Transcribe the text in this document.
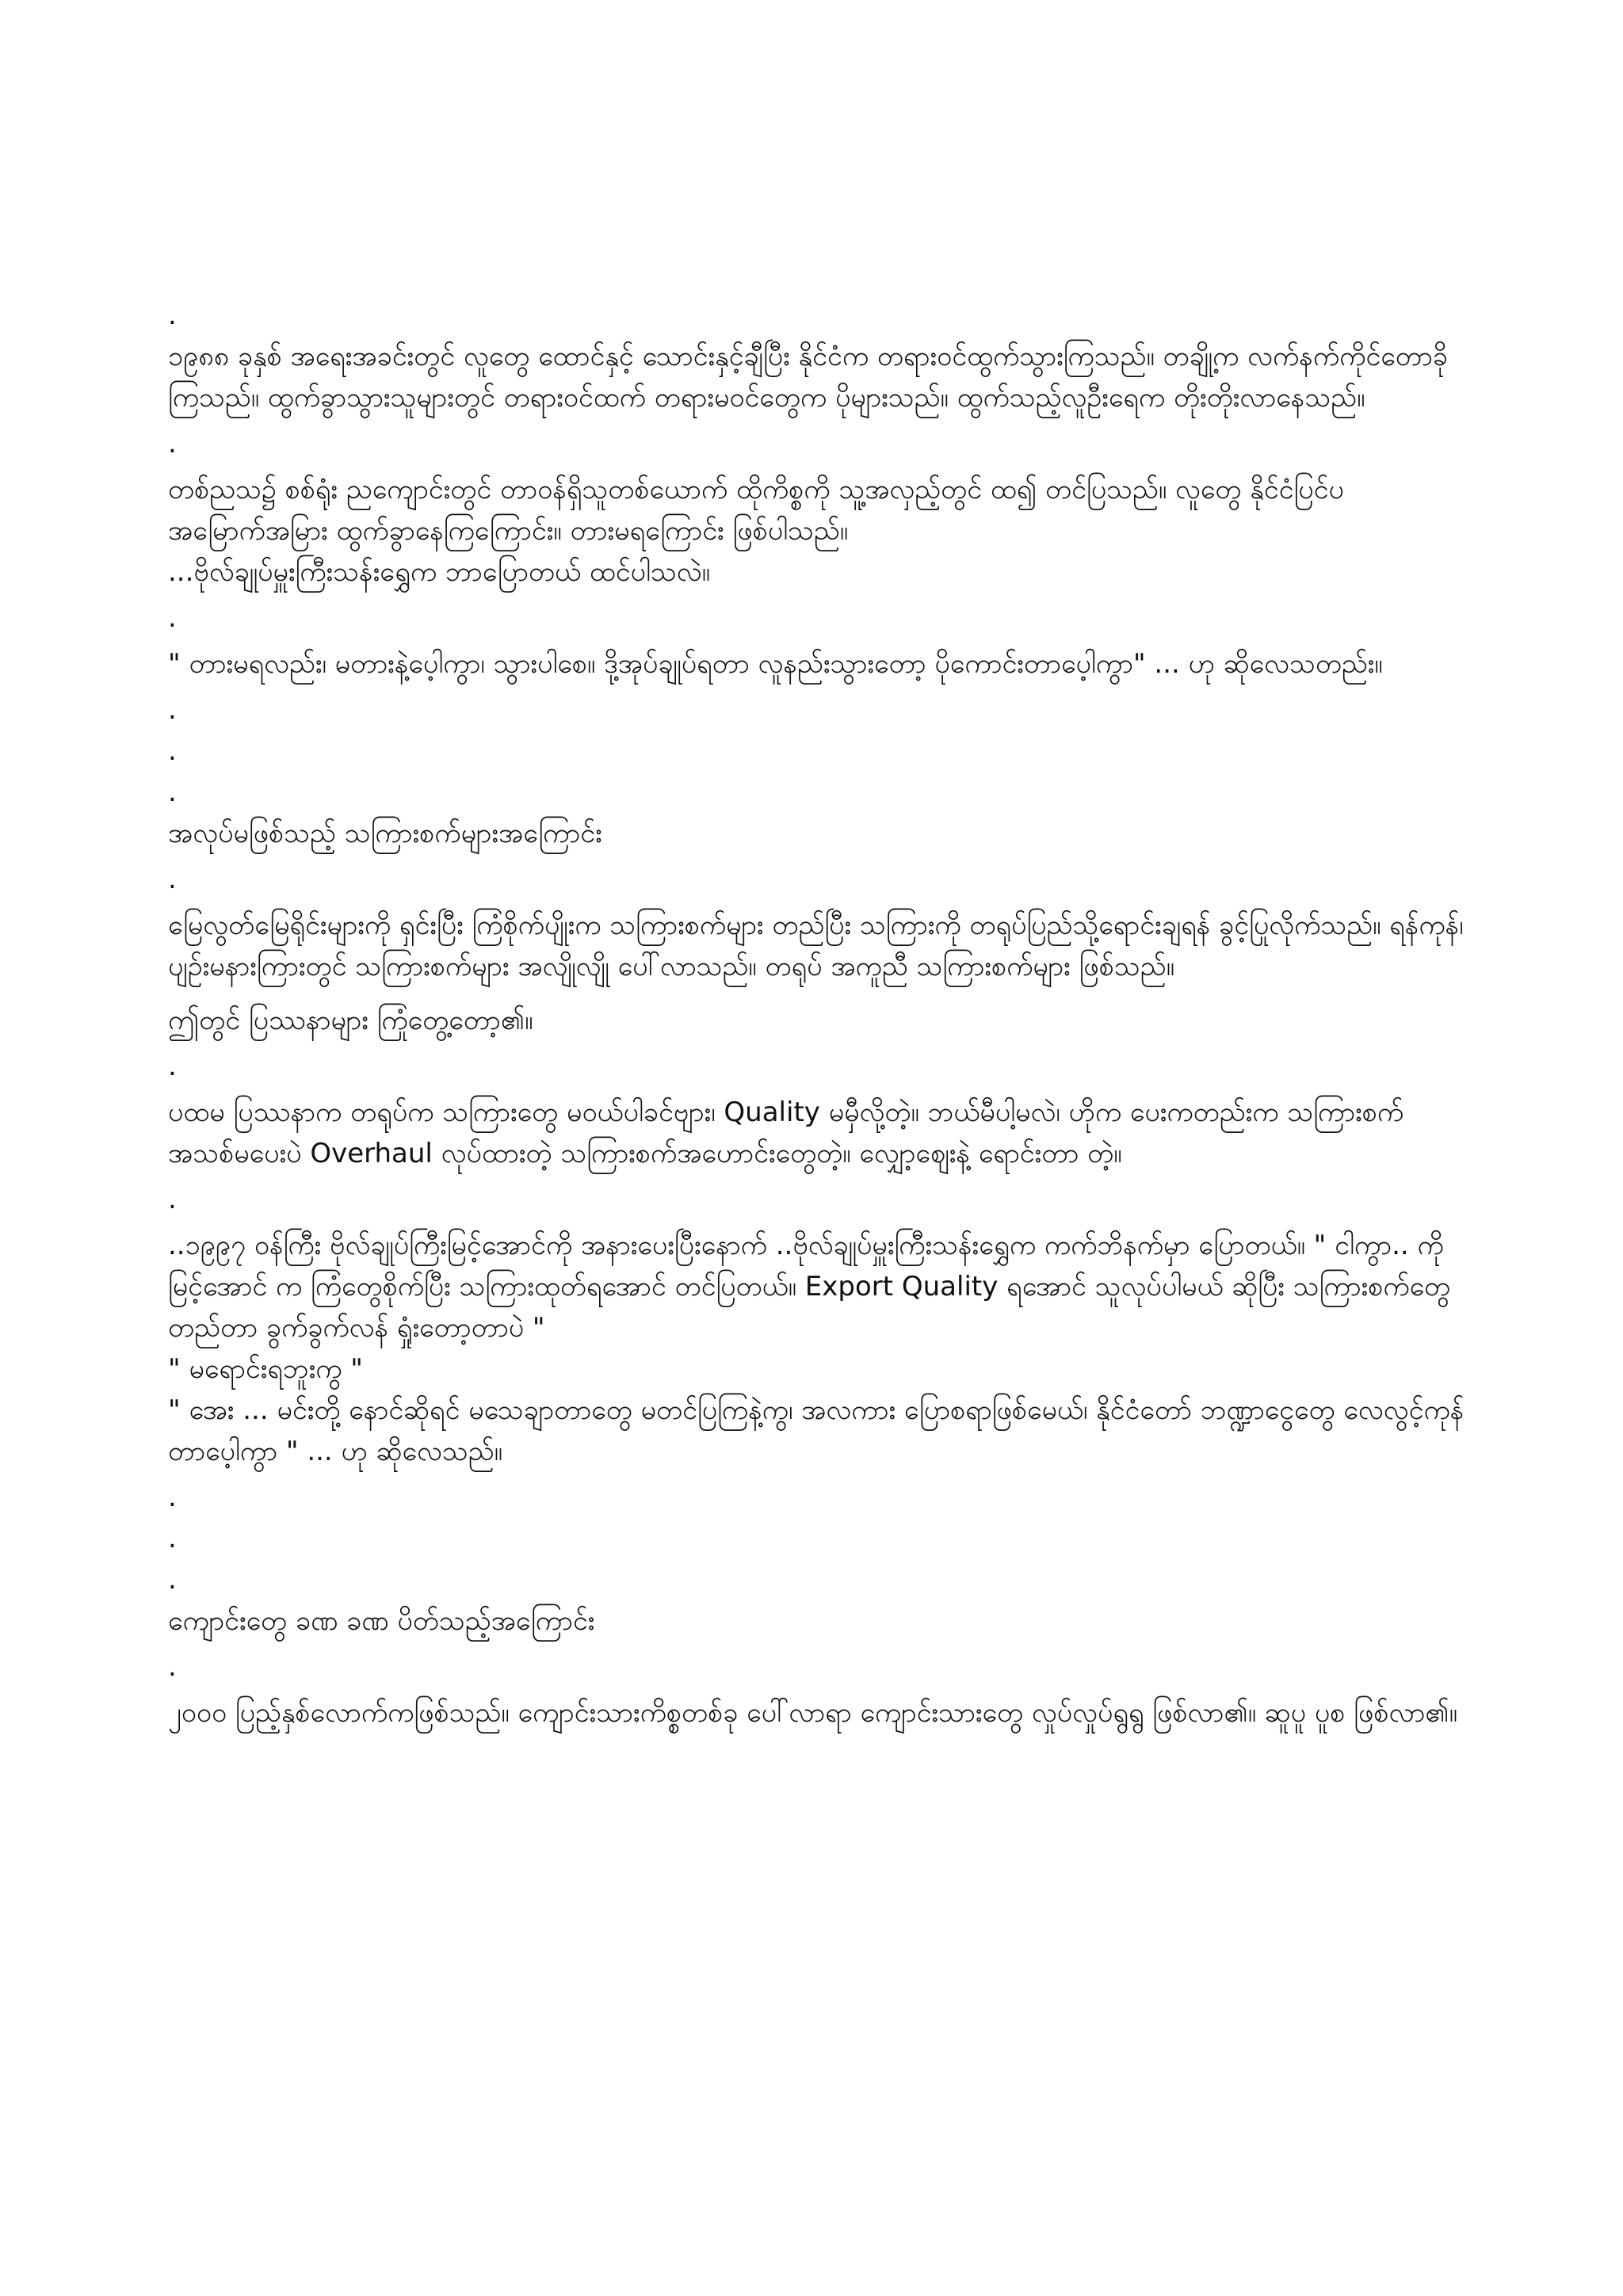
.
၁၉၈၈ ခုနှစ် အရေးအခင်းတွင် လူတွေ ထောင်နှင့် သောင်းနှင့်ချီပြီး နိုင်ငံက တရားဝင်ထွက်သွားကြသည်။ တချို့က လက်နက်ကိုင်တောခိုကြသည်။ ထွက်ခွာသွားသူများတွင် တရားဝင်ထက် တရားမဝင်တွေက ပိုများသည်။ ထွက်သည့်လူဦးရေက တိုးတိုးလာနေသည်။
.
တစ်ညသ၌ စစ်ရုံး ညကျောင်းတွင် တာဝန်ရှိသူတစ်ယောက် ထိုကိစ္စကို သူ့အလှည့်တွင် ထ၍ တင်ပြသည်။ လူတွေ နိုင်ငံပြင်ပ အမြောက်အမြား ထွက်ခွာနေကြကြောင်း။ တားမရကြောင်း ဖြစ်ပါသည်။
...ဗိုလ်ချုပ်မှူးကြီးသန်းရွှေက ဘာပြောတယ် ထင်ပါသလဲ။
.
" တားမရလည်း၊ မတားနဲ့ပေ့ါကွာ၊ သွားပါစေ။ ဒို့အုပ်ချုပ်ရတာ လူနည်းသွားတော့ ပိုကောင်းတာပေ့ါကွာ" ... ဟု ဆိုလေသတည်း။
.
.
.
အလုပ်မဖြစ်သည့် သကြားစက်များအကြောင်း
.
မြေလွတ်မြေရိုင်းများကို ရှင်းပြီး ကြံစိုက်ပျိုးက သကြားစက်များ တည်ပြီး သကြားကို တရုပ်ပြည်သို့ရောင်းချရန် ခွင့်ပြုလိုက်သည်။ ရန်ကုန်၊ ပျဉ်းမနားကြားတွင် သကြားစက်များ အလျိုလျို ပေါ်လာသည်။ တရုပ် အကူညီ သကြားစက်များ ဖြစ်သည်။
ဤတွင် ပြဿနာများ ကြုံတွေ့တော့၏။
.
ပထမ ပြဿနာက တရုပ်က သကြားတွေ မဝယ်ပါခင်ဗျား၊ Quality မမှီလို့တဲ့။ ဘယ်မီပါ့မလဲ၊ ဟိုက ပေးကတည်းက သကြားစက်အသစ်မပေးပဲ Overhaul လုပ်ထားတဲ့ သကြားစက်အဟောင်းတွေတဲ့။ လျှော့ဈေးနဲ့ ရောင်းတာ တဲ့။
.
..၁၉၉၇ ဝန်ကြီး ဗိုလ်ချုပ်ကြီးမြင့်အောင်ကို အနားပေးပြီးနောက် ..ဗိုလ်ချုပ်မှူးကြီးသန်းရွှေက ကက်ဘိနက်မှာ ပြောတယ်။ " ငါကွာ.. ကိုမြင့်အောင် က ကြံတွေစိုက်ပြီး သကြားထုတ်ရအောင် တင်ပြတယ်။ Export Quality ရအောင် သူလုပ်ပါမယ် ဆိုပြီး သကြားစက်တွေ တည်တာ ခွက်ခွက်လန် ရှုံးတော့တာပဲ "
" မရောင်းရဘူးကွ "
" အေး ... မင်းတို့ နောင်ဆိုရင် မသေချာတာတွေ မတင်ပြကြနဲ့ကွ၊ အလကား ပြောစရာဖြစ်မေယ်၊ နိုင်ငံတော် ဘဏ္ဍာငွေတွေ လေလွင့်ကုန်တာပေ့ါကွာ " ... ဟု ဆိုလေသည်။
.
.
.
ကျောင်းတွေ ခဏ ခဏ ပိတ်သည့်အကြောင်း
.
၂၀၀၀ ပြည့်နှစ်လောက်ကဖြစ်သည်။ ကျောင်းသားကိစ္စတစ်ခု ပေါ်လာရာ ကျောင်းသားတွေ လှုပ်လှုပ်ရွရွ ဖြစ်လာ၏။ ဆူပူ ပူစ ဖြစ်လာ၏။
